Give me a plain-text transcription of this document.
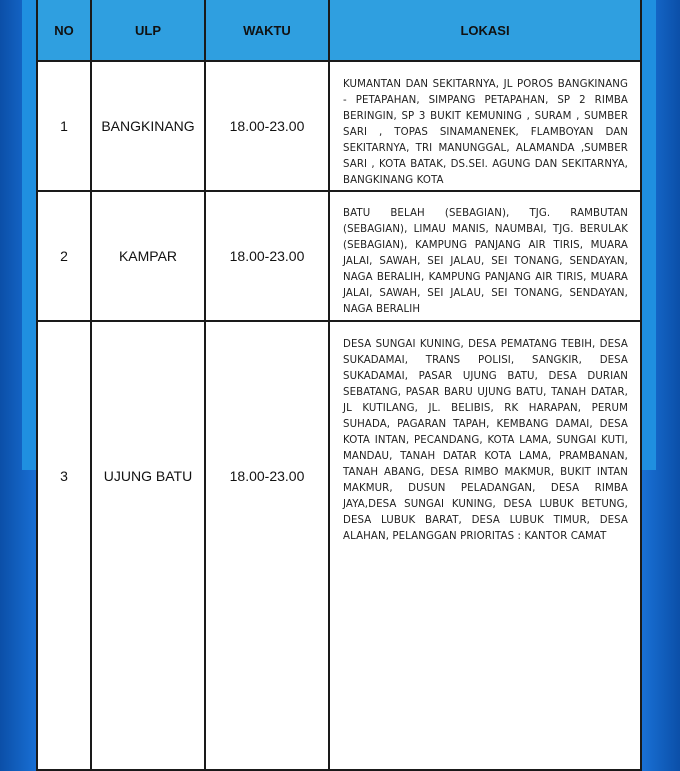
NO	ULP	WAKTU	LOKASI
1	BANGKINANG	18.00-23.00	KUMANTAN DAN SEKITARNYA, JL POROS BANGKINANG - PETAPAHAN, SIMPANG PETAPAHAN, SP 2 RIMBA BERINGIN, SP 3 BUKIT KEMUNING , SURAM , SUMBER SARI , TOPAS SINAMANENEK, FLAMBOYAN DAN SEKITARNYA, TRI MANUNGGAL, ALAMANDA ,SUMBER SARI , KOTA BATAK, DS.SEI. AGUNG DAN SEKITARNYA, BANGKINANG KOTA
2	KAMPAR	18.00-23.00	BATU BELAH (SEBAGIAN), TJG. RAMBUTAN (SEBAGIAN), LIMAU MANIS, NAUMBAI, TJG. BERULAK (SEBAGIAN), KAMPUNG PANJANG AIR TIRIS, MUARA JALAI, SAWAH, SEI JALAU, SEI TONANG, SENDAYAN, NAGA BERALIH, KAMPUNG PANJANG AIR TIRIS, MUARA JALAI, SAWAH, SEI JALAU, SEI TONANG, SENDAYAN, NAGA BERALIH
3	UJUNG BATU	18.00-23.00	DESA SUNGAI KUNING, DESA PEMATANG TEBIH, DESA SUKADAMAI, TRANS POLISI, SANGKIR, DESA SUKADAMAI, PASAR UJUNG BATU, DESA DURIAN SEBATANG, PASAR BARU UJUNG BATU, TANAH DATAR, JL KUTILANG, JL. BELIBIS, RK HARAPAN, PERUM SUHADA, PAGARAN TAPAH, KEMBANG DAMAI, DESA KOTA INTAN, PECANDANG, KOTA LAMA, SUNGAI KUTI, MANDAU, TANAH DATAR KOTA LAMA, PRAMBANAN, TANAH ABANG, DESA RIMBO MAKMUR, BUKIT INTAN MAKMUR, DUSUN PELADANGAN, DESA RIMBA JAYA,DESA SUNGAI KUNING, DESA LUBUK BETUNG, DESA LUBUK BARAT, DESA LUBUK TIMUR, DESA ALAHAN, PELANGGAN PRIORITAS : KANTOR CAMAT
